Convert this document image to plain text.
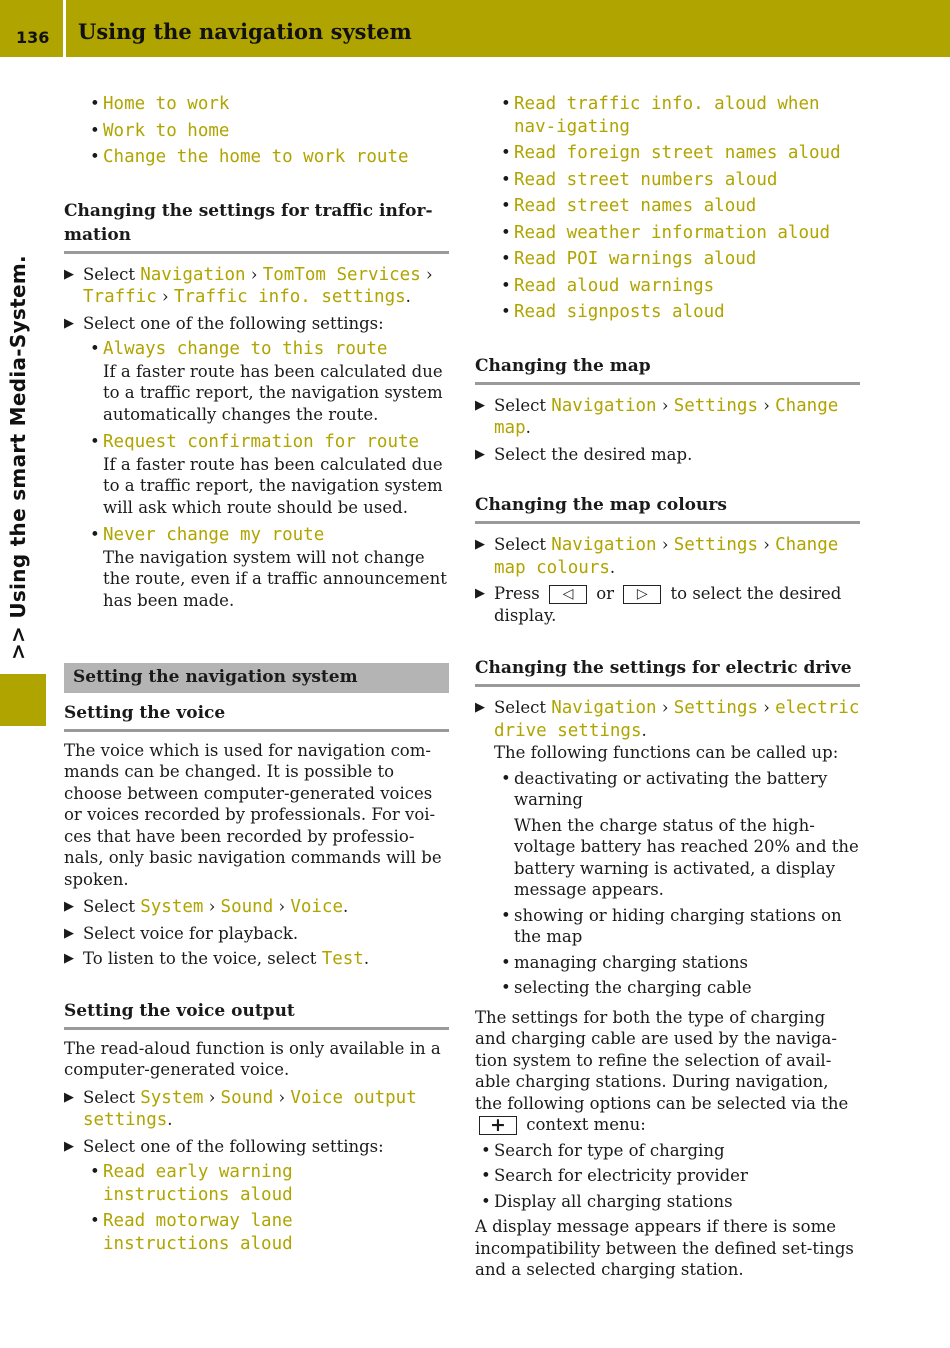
136 Using the navigation system
>> Using the smart Media-System.
• Home to work
• Work to home
• Change the home to work route
Changing the settings for traffic infor-mation
▶ Select Navigation › TomTom Services › Traffic › Traffic info. settings.
▶ Select one of the following settings:
• Always change to this route
If a faster route has been calculated due to a traffic report, the navigation system automatically changes the route.
• Request confirmation for route
If a faster route has been calculated due to a traffic report, the navigation system will ask which route should be used.
• Never change my route
The navigation system will not change the route, even if a traffic announcement has been made.
Setting the navigation system
Setting the voice
The voice which is used for navigation com-mands can be changed. It is possible to choose between computer-generated voices or voices recorded by professionals. For voi-ces that have been recorded by professio-nals, only basic navigation commands will be spoken.
▶ Select System › Sound › Voice.
▶ Select voice for playback.
▶ To listen to the voice, select Test.
Setting the voice output
The read-aloud function is only available in a computer-generated voice.
▶ Select System › Sound › Voice output settings.
▶ Select one of the following settings:
• Read early warning instructions aloud
• Read motorway lane instructions aloud
• Read traffic info. aloud when nav-igating
• Read foreign street names aloud
• Read street numbers aloud
• Read street names aloud
• Read weather information aloud
• Read POI warnings aloud
• Read aloud warnings
• Read signposts aloud
Changing the map
▶ Select Navigation › Settings › Change map.
▶ Select the desired map.
Changing the map colours
▶ Select Navigation › Settings › Change map colours.
▶ Press ◁ or ▷ to select the desired display.
Changing the settings for electric drive
▶ Select Navigation › Settings › electric drive settings.
The following functions can be called up:
• deactivating or activating the battery warning
When the charge status of the high-voltage battery has reached 20% and the battery warning is activated, a display message appears.
• showing or hiding charging stations on the map
• managing charging stations
• selecting the charging cable
The settings for both the type of charging and charging cable are used by the naviga-tion system to refine the selection of avail-able charging stations. During navigation, the following options can be selected via the + context menu:
• Search for type of charging
• Search for electricity provider
• Display all charging stations
A display message appears if there is some incompatibility between the defined set-tings and a selected charging station.
